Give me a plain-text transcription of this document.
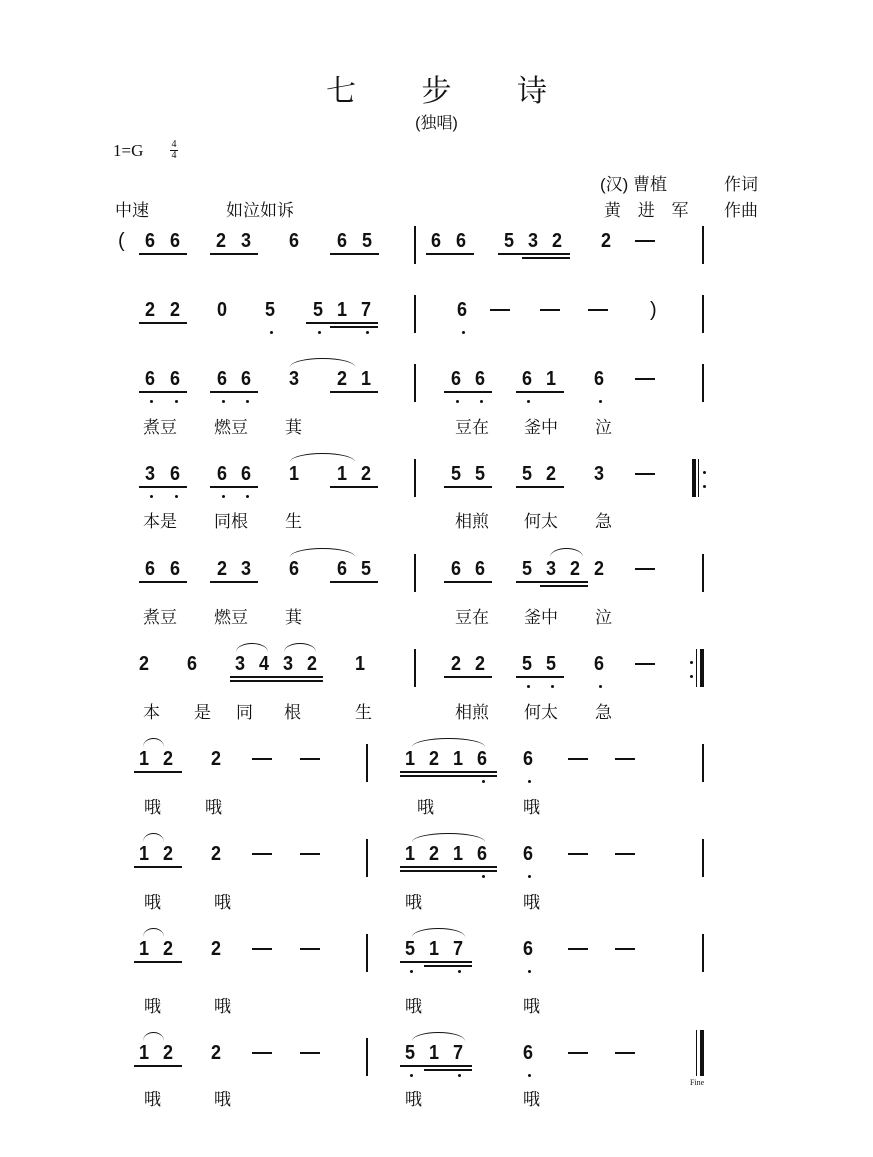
七 步 诗
(独唱)
1=G	4
4
中速	如泣如诉
(汉) 曹植	作词
黄 进 军 作曲
6 6 2 3 6 6 5	6 6 5 3 2 2
(
2 2 0 5 5 1 7	6	)
6 6 6 6 3 2 1	6 6 6 1 6
煮豆 燃豆 萁	豆在 釜中 泣
3 6 6 6 1 1 2	5 5 5 2 3
本是 同根 生	相煎 何太 急
6 6 2 3 6 6 5	6 6 5 3 2 2
煮豆 燃豆 萁	豆在 釜中 泣
2 6 3 4 3 2 1	2 2 5 5 6
本 是 同 根	生	相煎 何太 急
1 2 2	1 2 1 6 6
哦	哦	哦	哦
1 2 2	1 2 1 6 6
哦	哦	哦	哦
1 2 2	5 1 7	6
哦	哦	哦	哦
1 2 2	5 1 7	6
Fine
哦	哦	哦	哦
